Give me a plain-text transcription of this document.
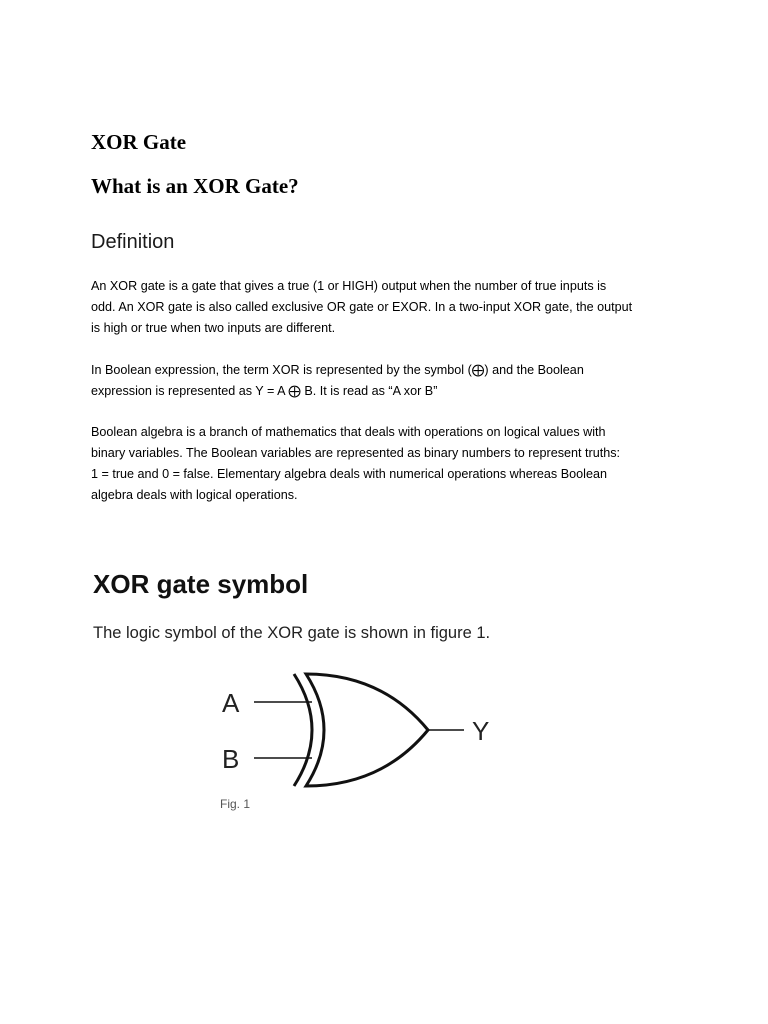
XOR Gate
What is an XOR Gate?
Definition

An XOR gate is a gate that gives a true (1 or HIGH) output when the number of true inputs is
odd. An XOR gate is also called exclusive OR gate or EXOR. In a two-input XOR gate, the output
is high or true when two inputs are different.

In Boolean expression, the term XOR is represented by the symbol (⨁) and the Boolean
expression is represented as Y = A ⨁ B. It is read as “A xor B”

Boolean algebra is a branch of mathematics that deals with operations on logical values with
binary variables. The Boolean variables are represented as binary numbers to represent truths:
1 = true and 0 = false. Elementary algebra deals with numerical operations whereas Boolean
algebra deals with logical operations.

XOR gate symbol

The logic symbol of the XOR gate is shown in figure 1.

A
B
Y

Fig. 1
